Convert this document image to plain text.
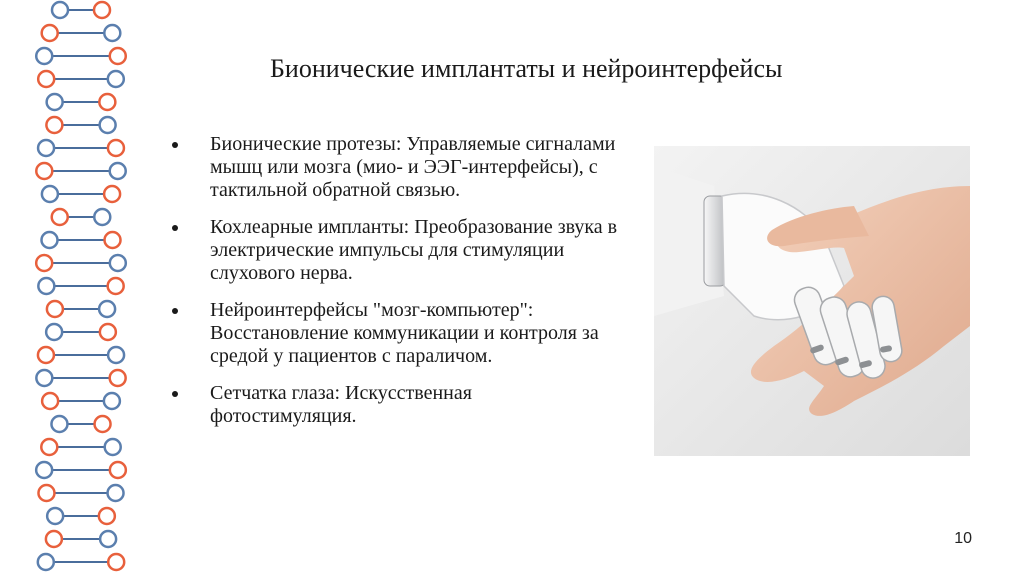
Бионические имплантаты и нейроинтерфейсы
Бионические протезы: Управляемые сигналами мышц или мозга (мио- и ЭЭГ-интерфейсы), с тактильной обратной связью.
Кохлеарные импланты: Преобразование звука в электрические импульсы для стимуляции слухового нерва.
Нейроинтерфейсы "мозг-компьютер": Восстановление коммуникации и контроля за средой у пациентов с параличом.
Сетчатка глаза: Искусственная фотостимуляция.
10
